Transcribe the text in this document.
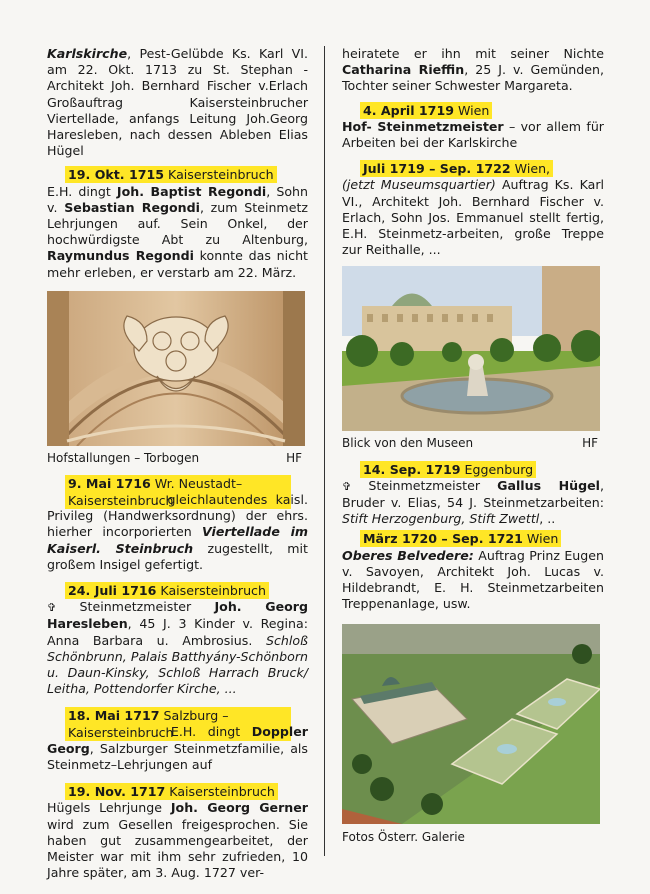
Karlskirche, Pest-Gelübde Ks. Karl VI. am 22. Okt. 1713 zu St. Stephan - Architekt Joh. Bernhard Fischer v.Erlach Großauftrag Kaisersteinbrucher Viertellade, anfangs Leitung Joh.Georg Haresleben, nach dessen Ableben Elias Hügel

19. Okt. 1715 Kaisersteinbruch

E.H. dingt Joh. Baptist Regondi, Sohn v. Sebastian Regondi, zum Steinmetz Lehrjungen auf. Sein Onkel, der hochwürdigste Abt zu Altenburg, Raymundus Regondi konnte das nicht mehr erleben, er verstarb am 22. März.

Hofstallungen – Torbogen	HF
9. Mai 1716 Wr. Neustadt–
Kaisersteinbruch

: gleichlautendes kaisl. Privileg (Handwerksordnung) der ehrs. hierher incorporierten Viertellade im Kaiserl. Steinbruch zugestellt, mit großem Insigel gefertigt.

24. Juli 1716 Kaisersteinbruch

✞ Steinmetzmeister Joh. Georg Haresleben, 45 J. 3 Kinder v. Regina: Anna Barbara u. Ambrosius. Schloß Schönbrunn, Palais Batthyány-Schönborn u. Daun-Kinsky, Schloß Harrach Bruck/ Leitha, Pottendorfer Kirche, ...

18. Mai 1717 Salzburg –
Kaisersteinbruch

: E.H. dingt Doppler Georg, Salzburger Steinmetzfamilie, als Steinmetz–Lehrjungen auf

19. Nov. 1717 Kaisersteinbruch

Hügels Lehrjunge Joh. Georg Gerner wird zum Gesellen freigesprochen. Sie haben gut zusammengearbeitet, der Meister war mit ihm sehr zufrieden, 10 Jahre später, am 3. Aug. 1727 ver-

heiratete er ihn mit seiner Nichte Catharina Rieffin, 25 J. v. Gemünden, Tochter seiner Schwester Margareta.

4. April 1719 Wien

Hof- Steinmetzmeister – vor allem für Arbeiten bei der Karlskirche

Juli 1719 – Sep. 1722 Wien,

(jetzt Museumsquartier) Auftrag Ks. Karl VI., Architekt Joh. Bernhard Fischer v. Erlach, Sohn Jos. Emmanuel stellt fertig, E.H. Steinmetz-arbeiten, große Treppe zur Reithalle, ...

Blick von den Museen	HF
14. Sep. 1719 Eggenburg

✞ Steinmetzmeister Gallus Hügel, Bruder v. Elias, 54 J. Steinmetzarbeiten: Stift Herzogenburg, Stift Zwettl, ..

März 1720 – Sep. 1721 Wien

Oberes Belvedere: Auftrag Prinz Eugen v. Savoyen, Architekt Joh. Lucas v. Hildebrandt, E. H. Steinmetzarbeiten Treppenanlage, usw.

Fotos Österr. Galerie
